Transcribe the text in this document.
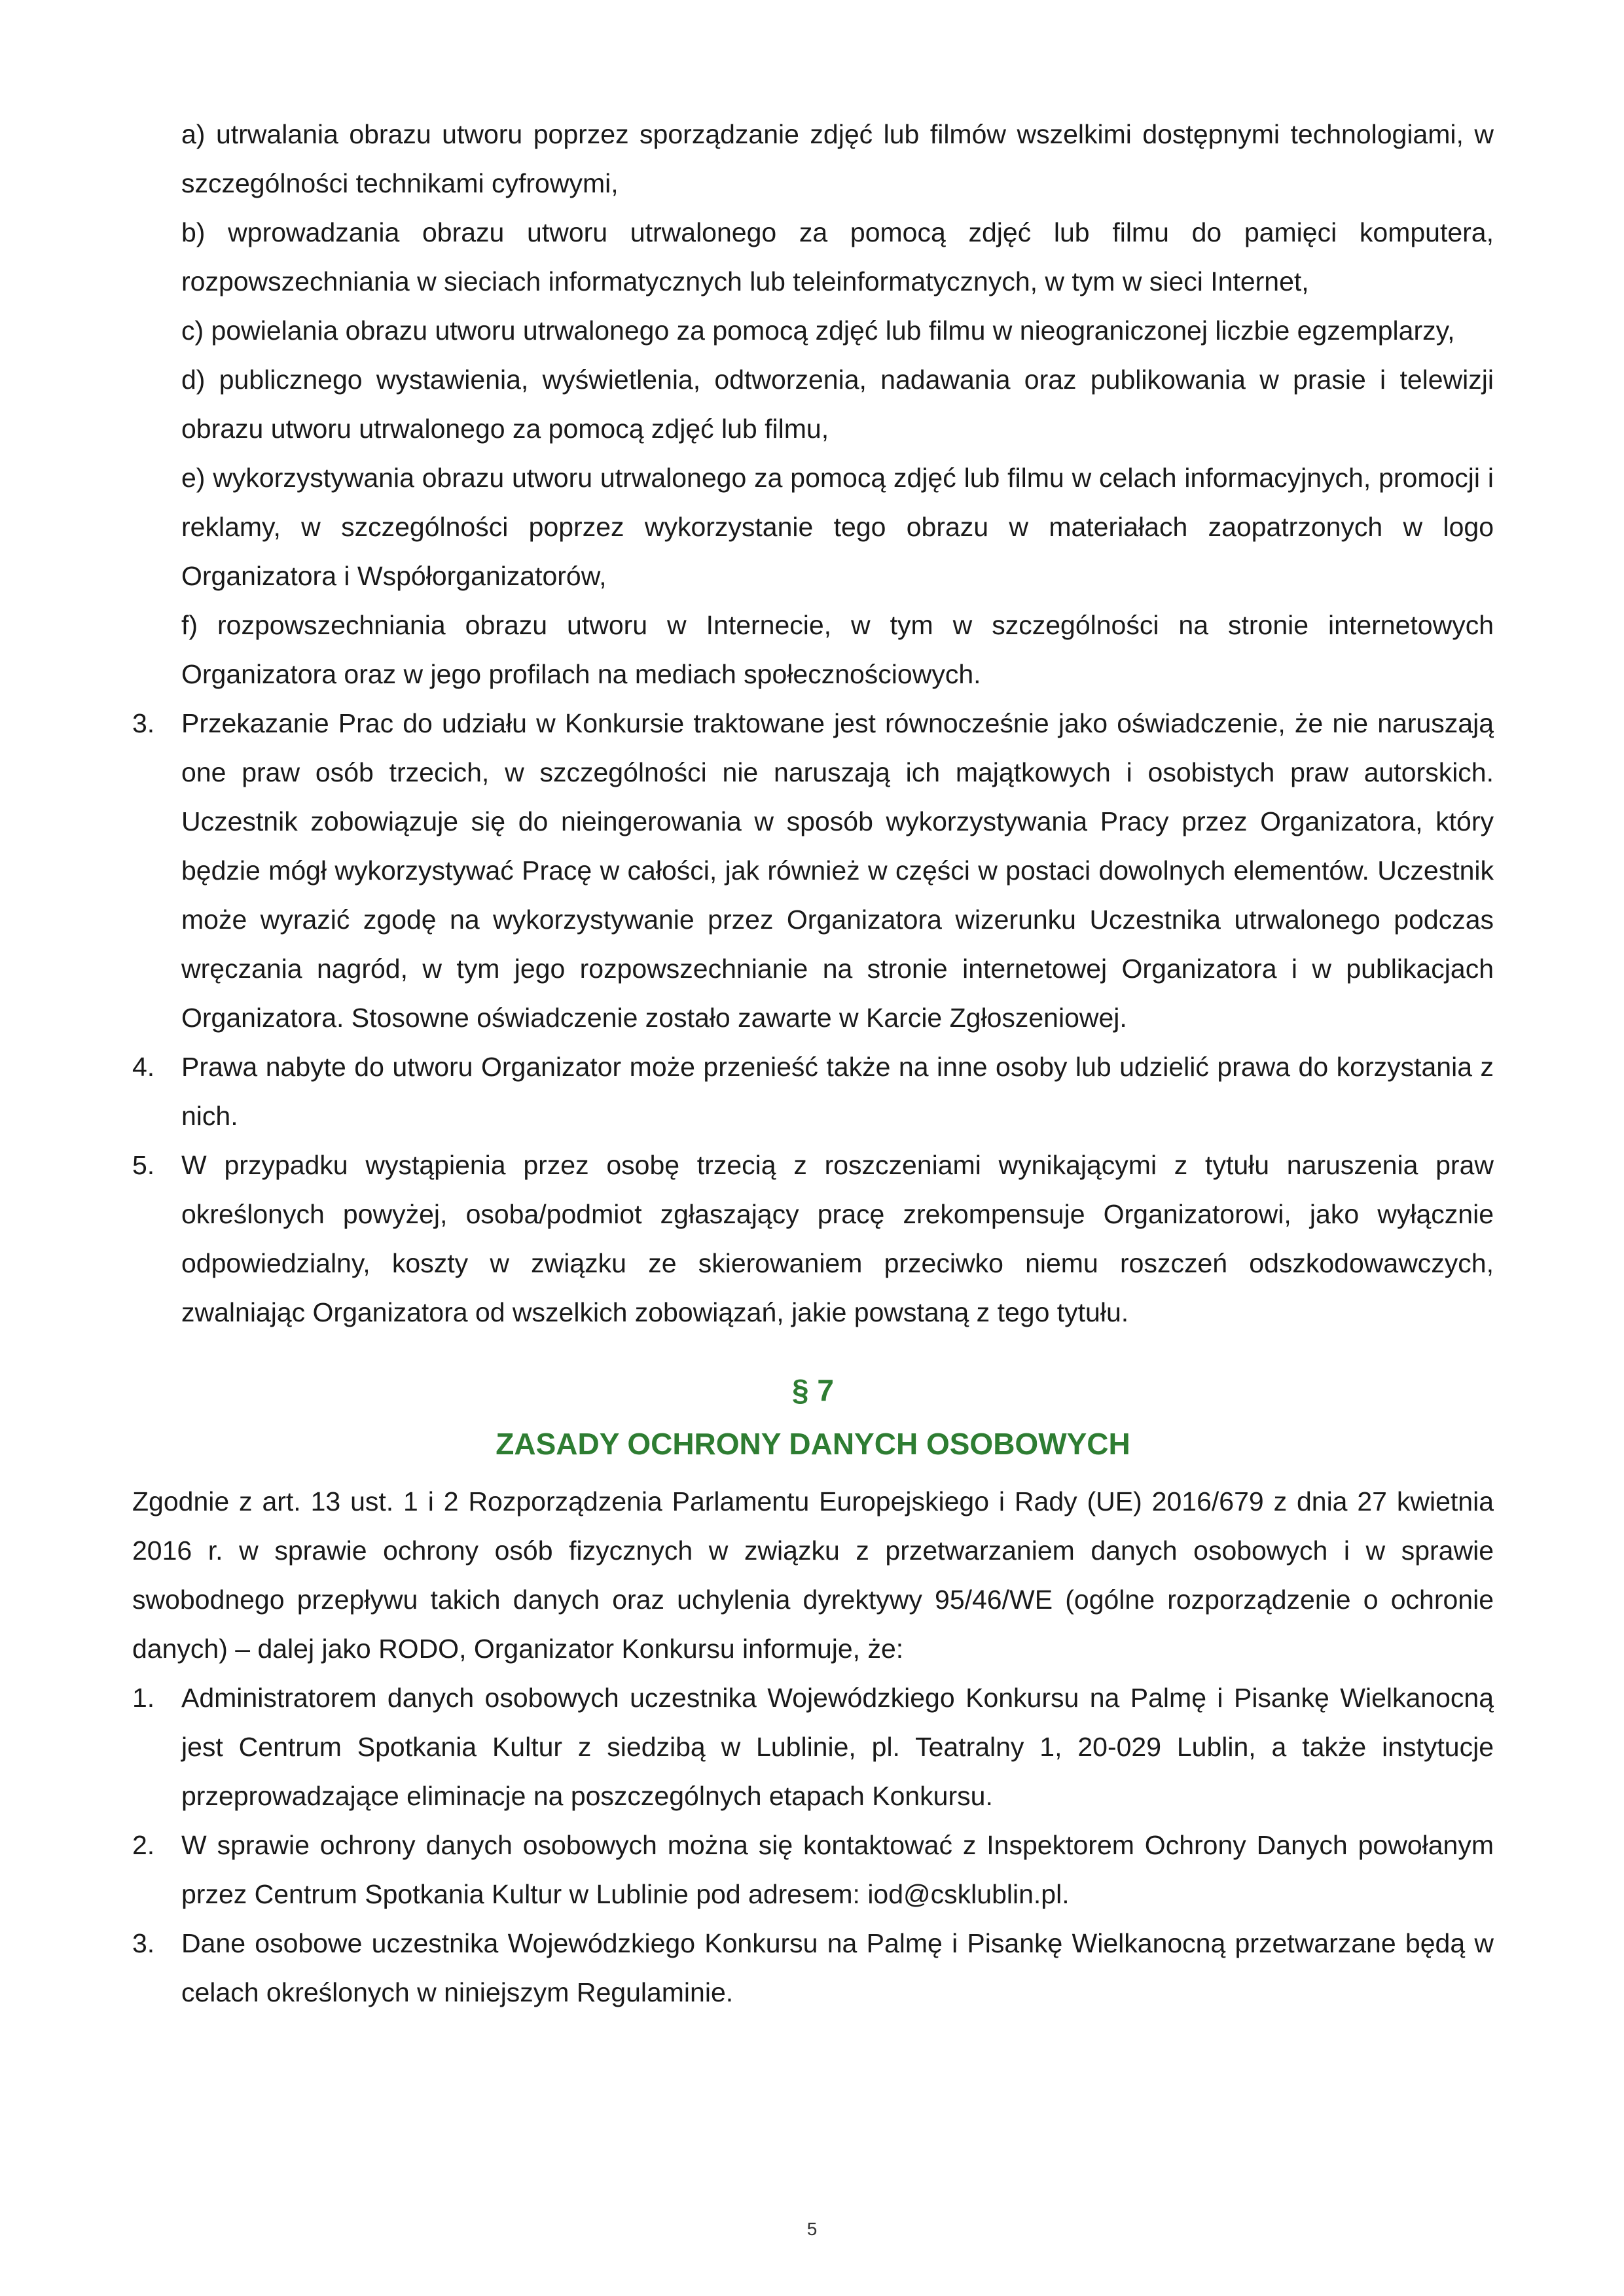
a) utrwalania obrazu utworu poprzez sporządzanie zdjęć lub filmów wszelkimi dostępnymi technologiami, w szczególności technikami cyfrowymi,

b) wprowadzania obrazu utworu utrwalonego za pomocą zdjęć lub filmu do pamięci komputera, rozpowszechniania w sieciach informatycznych lub teleinformatycznych, w tym w sieci Internet,

c) powielania obrazu utworu utrwalonego za pomocą zdjęć lub filmu w nieograniczonej liczbie egzemplarzy,

d) publicznego wystawienia, wyświetlenia, odtworzenia, nadawania oraz publikowania w prasie i telewizji obrazu utworu utrwalonego za pomocą zdjęć lub filmu,

e) wykorzystywania obrazu utworu utrwalonego za pomocą zdjęć lub filmu w celach informacyjnych, promocji i reklamy, w szczególności poprzez wykorzystanie tego obrazu w materiałach zaopatrzonych w logo Organizatora i Współorganizatorów,

f) rozpowszechniania obrazu utworu w Internecie, w tym w szczególności na stronie internetowych Organizatora oraz w jego profilach na mediach społecznościowych.

3. Przekazanie Prac do udziału w Konkursie traktowane jest równocześnie jako oświadczenie, że nie naruszają one praw osób trzecich, w szczególności nie naruszają ich majątkowych i osobistych praw autorskich. Uczestnik zobowiązuje się do nieingerowania w sposób wykorzystywania Pracy przez Organizatora, który będzie mógł wykorzystywać Pracę w całości, jak również w części w postaci dowolnych elementów. Uczestnik może wyrazić zgodę na wykorzystywanie przez Organizatora wizerunku Uczestnika utrwalonego podczas wręczania nagród, w tym jego rozpowszechnianie na stronie internetowej Organizatora i w publikacjach Organizatora. Stosowne oświadczenie zostało zawarte w Karcie Zgłoszeniowej.
4. Prawa nabyte do utworu Organizator może przenieść także na inne osoby lub udzielić prawa do korzystania z nich.
5. W przypadku wystąpienia przez osobę trzecią z roszczeniami wynikającymi z tytułu naruszenia praw określonych powyżej, osoba/podmiot zgłaszający pracę zrekompensuje Organizatorowi, jako wyłącznie odpowiedzialny, koszty w związku ze skierowaniem przeciwko niemu roszczeń odszkodowawczych, zwalniając Organizatora od wszelkich zobowiązań, jakie powstaną z tego tytułu.

§ 7

ZASADY OCHRONY DANYCH OSOBOWYCH

Zgodnie z art. 13 ust. 1 i 2 Rozporządzenia Parlamentu Europejskiego i Rady (UE) 2016/679 z dnia 27 kwietnia 2016 r. w sprawie ochrony osób fizycznych w związku z przetwarzaniem danych osobowych i w sprawie swobodnego przepływu takich danych oraz uchylenia dyrektywy 95/46/WE (ogólne rozporządzenie o ochronie danych) – dalej jako RODO, Organizator Konkursu informuje, że:

1. Administratorem danych osobowych uczestnika Wojewódzkiego Konkursu na Palmę i Pisankę Wielkanocną jest Centrum Spotkania Kultur z siedzibą w Lublinie, pl. Teatralny 1, 20-029 Lublin, a także instytucje przeprowadzające eliminacje na poszczególnych etapach Konkursu.
2. W sprawie ochrony danych osobowych można się kontaktować z Inspektorem Ochrony Danych powołanym przez Centrum Spotkania Kultur w Lublinie pod adresem: iod@csklublin.pl.
3. Dane osobowe uczestnika Wojewódzkiego Konkursu na Palmę i Pisankę Wielkanocną przetwarzane będą w celach określonych w niniejszym Regulaminie.
5
